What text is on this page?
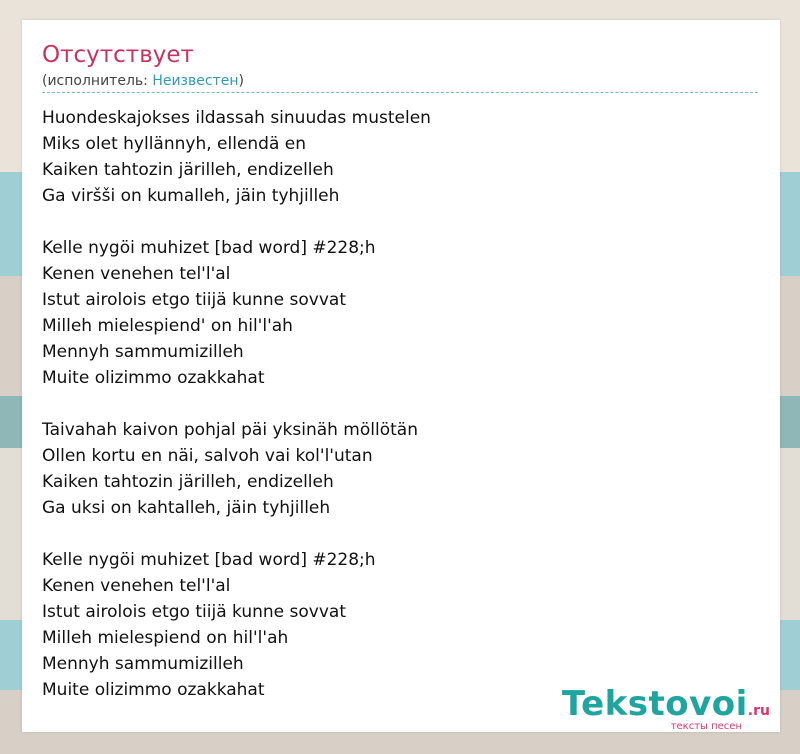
Отсутствует
(исполнитель: Неизвестен)
Huondeskajokses ildassah sinuudas mustelen
Miks olet hyllännyh, ellendä en
Kaiken tahtozin järilleh, endizelleh
Ga viršši on kumalleh, jäin tyhjilleh
Kelle nygöi muhizet [bad word] #228;h
Kenen venehen tel'l'al
Istut airolois etgo tiijä kunne sovvat
Milleh mielespiend' on hil'l'ah
Mennyh sammumizilleh
Muite olizimmo ozakkahat
Taivahah kaivon pohjal päi yksinäh möllötän
Ollen kortu en näi, salvoh vai kol'l'utan
Kaiken tahtozin järilleh, endizelleh
Ga uksi on kahtalleh, jäin tyhjilleh
Kelle nygöi muhizet [bad word] #228;h
Kenen venehen tel'l'al
Istut airolois etgo tiijä kunne sovvat
Milleh mielespiend on hil'l'ah
Mennyh sammumizilleh
Muite olizimmo ozakkahat	Tekstovoi.ru
тексты песен
